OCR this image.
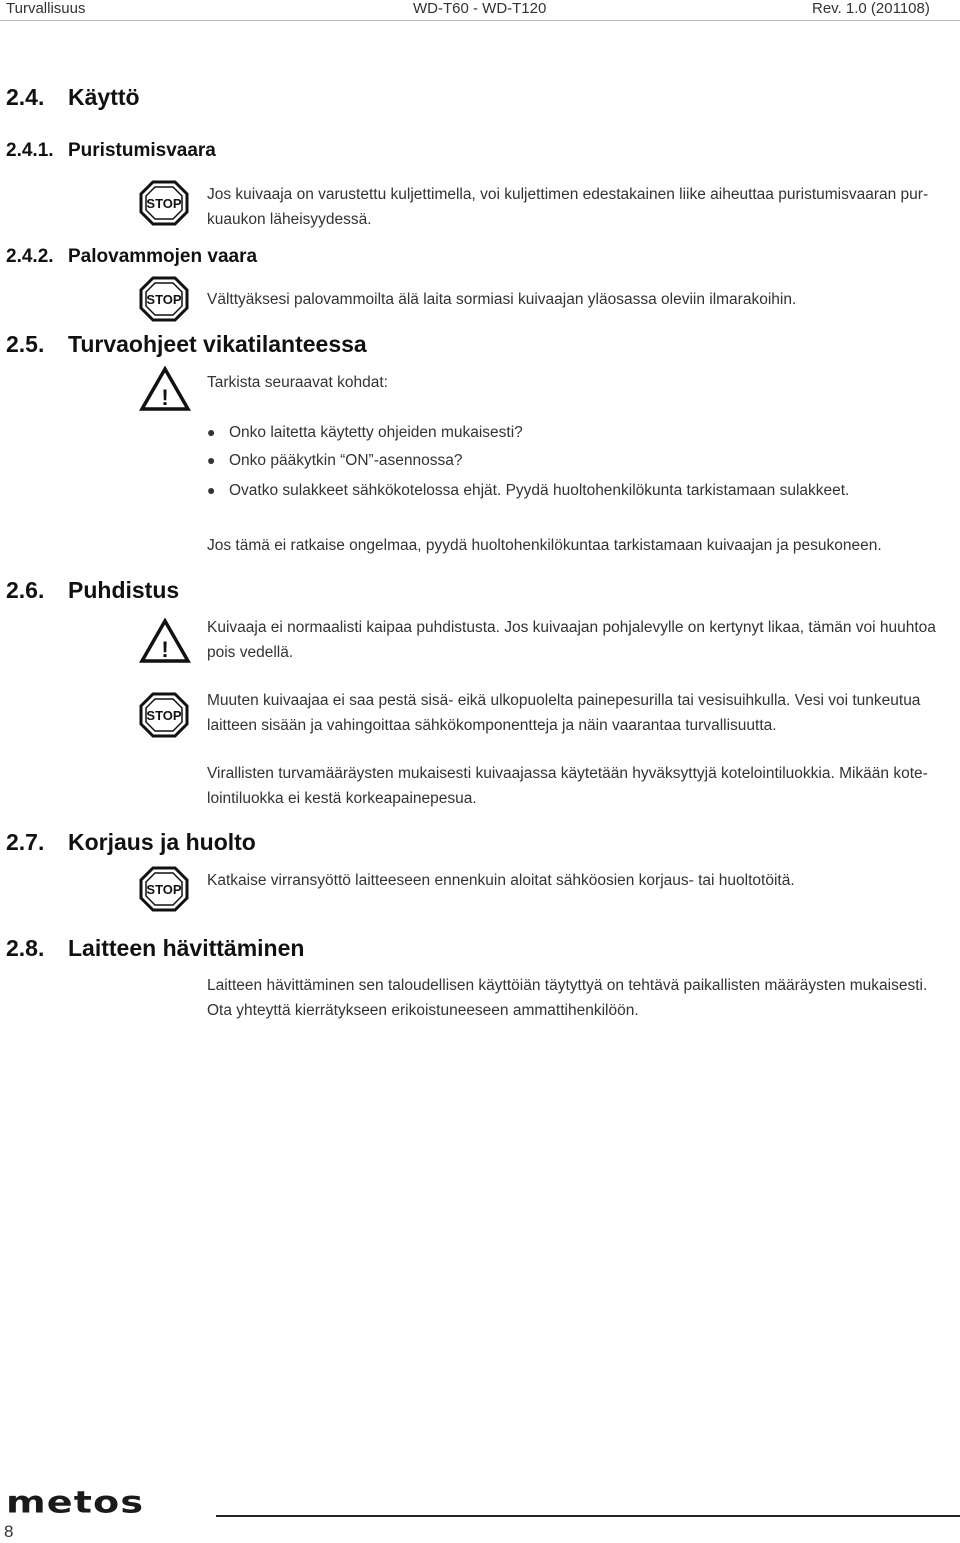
Turvallisuus	WD-T60 - WD-T120	Rev. 1.0 (201108)
2.4. Käyttö
2.4.1. Puristumisvaara
STOP
Jos kuivaaja on varustettu kuljettimella, voi kuljettimen edestakainen liike aiheuttaa puristumisvaaran pur-
kuaukon läheisyydessä.
2.4.2. Palovammojen vaara
STOP Välttyäksesi palovammoilta älä laita sormiasi kuivaajan yläosassa oleviin ilmarakoihin.
2.5. Turvaohjeet vikatilanteessa
!
Tarkista seuraavat kohdat:
● Onko laitetta käytetty ohjeiden mukaisesti?
● Onko pääkytkin “ON”-asennossa?
● Ovatko sulakkeet sähkökotelossa ehjät. Pyydä huoltohenkilökunta tarkistamaan sulakkeet.
Jos tämä ei ratkaise ongelmaa, pyydä huoltohenkilökuntaa tarkistamaan kuivaajan ja pesukoneen.
2.6. Puhdistus
!
Kuivaaja ei normaalisti kaipaa puhdistusta. Jos kuivaajan pohjalevylle on kertynyt likaa, tämän voi huuhtoa
pois vedellä.
STOP
Muuten kuivaajaa ei saa pestä sisä- eikä ulkopuolelta painepesurilla tai vesisuihkulla. Vesi voi tunkeutua
laitteen sisään ja vahingoittaa sähkökomponentteja ja näin vaarantaa turvallisuutta.
Virallisten turvamääräysten mukaisesti kuivaajassa käytetään hyväksyttyjä kotelointiluokkia. Mikään kote-
lointiluokka ei kestä korkeapainepesua.
2.7. Korjaus ja huolto
STOP
Katkaise virransyöttö laitteeseen ennenkuin aloitat sähköosien korjaus- tai huoltotöitä.
2.8. Laitteen hävittäminen
Laitteen hävittäminen sen taloudellisen käyttöiän täytyttyä on tehtävä paikallisten määräysten mukaisesti.
Ota yhteyttä kierrätykseen erikoistuneeseen ammattihenkilöön.
metos
8
